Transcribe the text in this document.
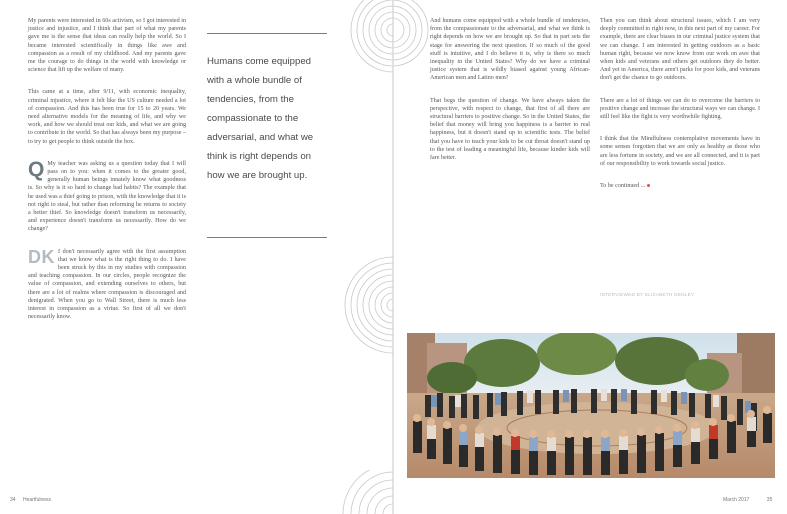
My parents were interested in 60s activism, so I got interested in justice and injustice, and I think that part of what my parents gave me is the sense that ideas can really help the world. So I became interested scientifically in things like awe and compassion as a result of my childhood. And my parents gave me the courage to do things in the world with knowledge or science that lift up the welfare of many.

This came at a time, after 9/11, with economic inequality, criminal injustice, where it felt like the US culture needed a lot of compassion. And this has been true for 15 to 20 years. We need alternative models for the meaning of life, and why we work, and how we should treat our kids, and what we are going to contribute to the world. So that has always been my purpose – to try to get people to think outside the box.

Q My teacher was asking us a question today that I will pass on to you: when it comes to the greater good, generally human beings innately know what goodness is. So why is it so hard to change bad habits? The example that he used was a thief going to prison, with the knowledge that it is not right to steal, but rather than reforming he returns to society a better thief. So knowledge doesn't transform us necessarily, and experience doesn't transform us necessarily. How do we change?

DK I don't necessarily agree with the first assumption that we know what is the right thing to do. I have been struck by this in my studies with compassion and teaching compassion. In our circles, people recognize the value of compassion, and extending ourselves to others, but there are a lot of realms where compassion is discouraged and denigrated. When you go to Wall Street, there is much less interest in compassion as a virtue. So first of all we don't necessarily know.

Humans come equipped with a whole bundle of tendencies, from the compassionate to the adversarial, and what we think is right depends on how we are brought up.
34 Heartfulness

And humans come equipped with a whole bundle of tendencies, from the compassionate to the adversarial, and what we think is right depends on how we are brought up. So that in part sets the stage for answering the next question. If so much of the good stuff is intuitive, and I do believe it is, why is there so much inequality in the United States? Why do we have a criminal justice system that is wildly biased against young African-American men and Latino men?

That begs the question of change. We have always taken the perspective, with respect to change, that first of all there are structural barriers to positive change. So in the United States, the belief that money will bring you happiness is a barrier to real happiness, but it doesn't stand up to scientific tests. The belief that you have to teach your kids to be cut throat doesn't stand up to the test of leading a meaningful life, because kinder kids will fare better.

Then you can think about structural issues, which I am very deeply committed to right now, in this next part of my career. For example, there are clear biases in our criminal justice system that we can change. I am interested in getting outdoors as a basic human right, because we now know from our work on awe that when kids and veterans and others get outdoors they do better. And yet in America, there aren't parks for poor kids, and veterans don't get the chance to go outdoors.

There are a lot of things we can do to overcome the barriers to positive change and increase the structural ways we can change. I still feel like the fight is very worthwhile fighting.

I think that the Mindfulness contemplative movements have in some senses forgotten that we are only as healthy as those who are less fortune in society, and we are all connected, and it is part of our responsibility to work towards social justice.

To be continued ...

INTERVIEWED BY ELIZABETH DENLEY
March 2017	35
